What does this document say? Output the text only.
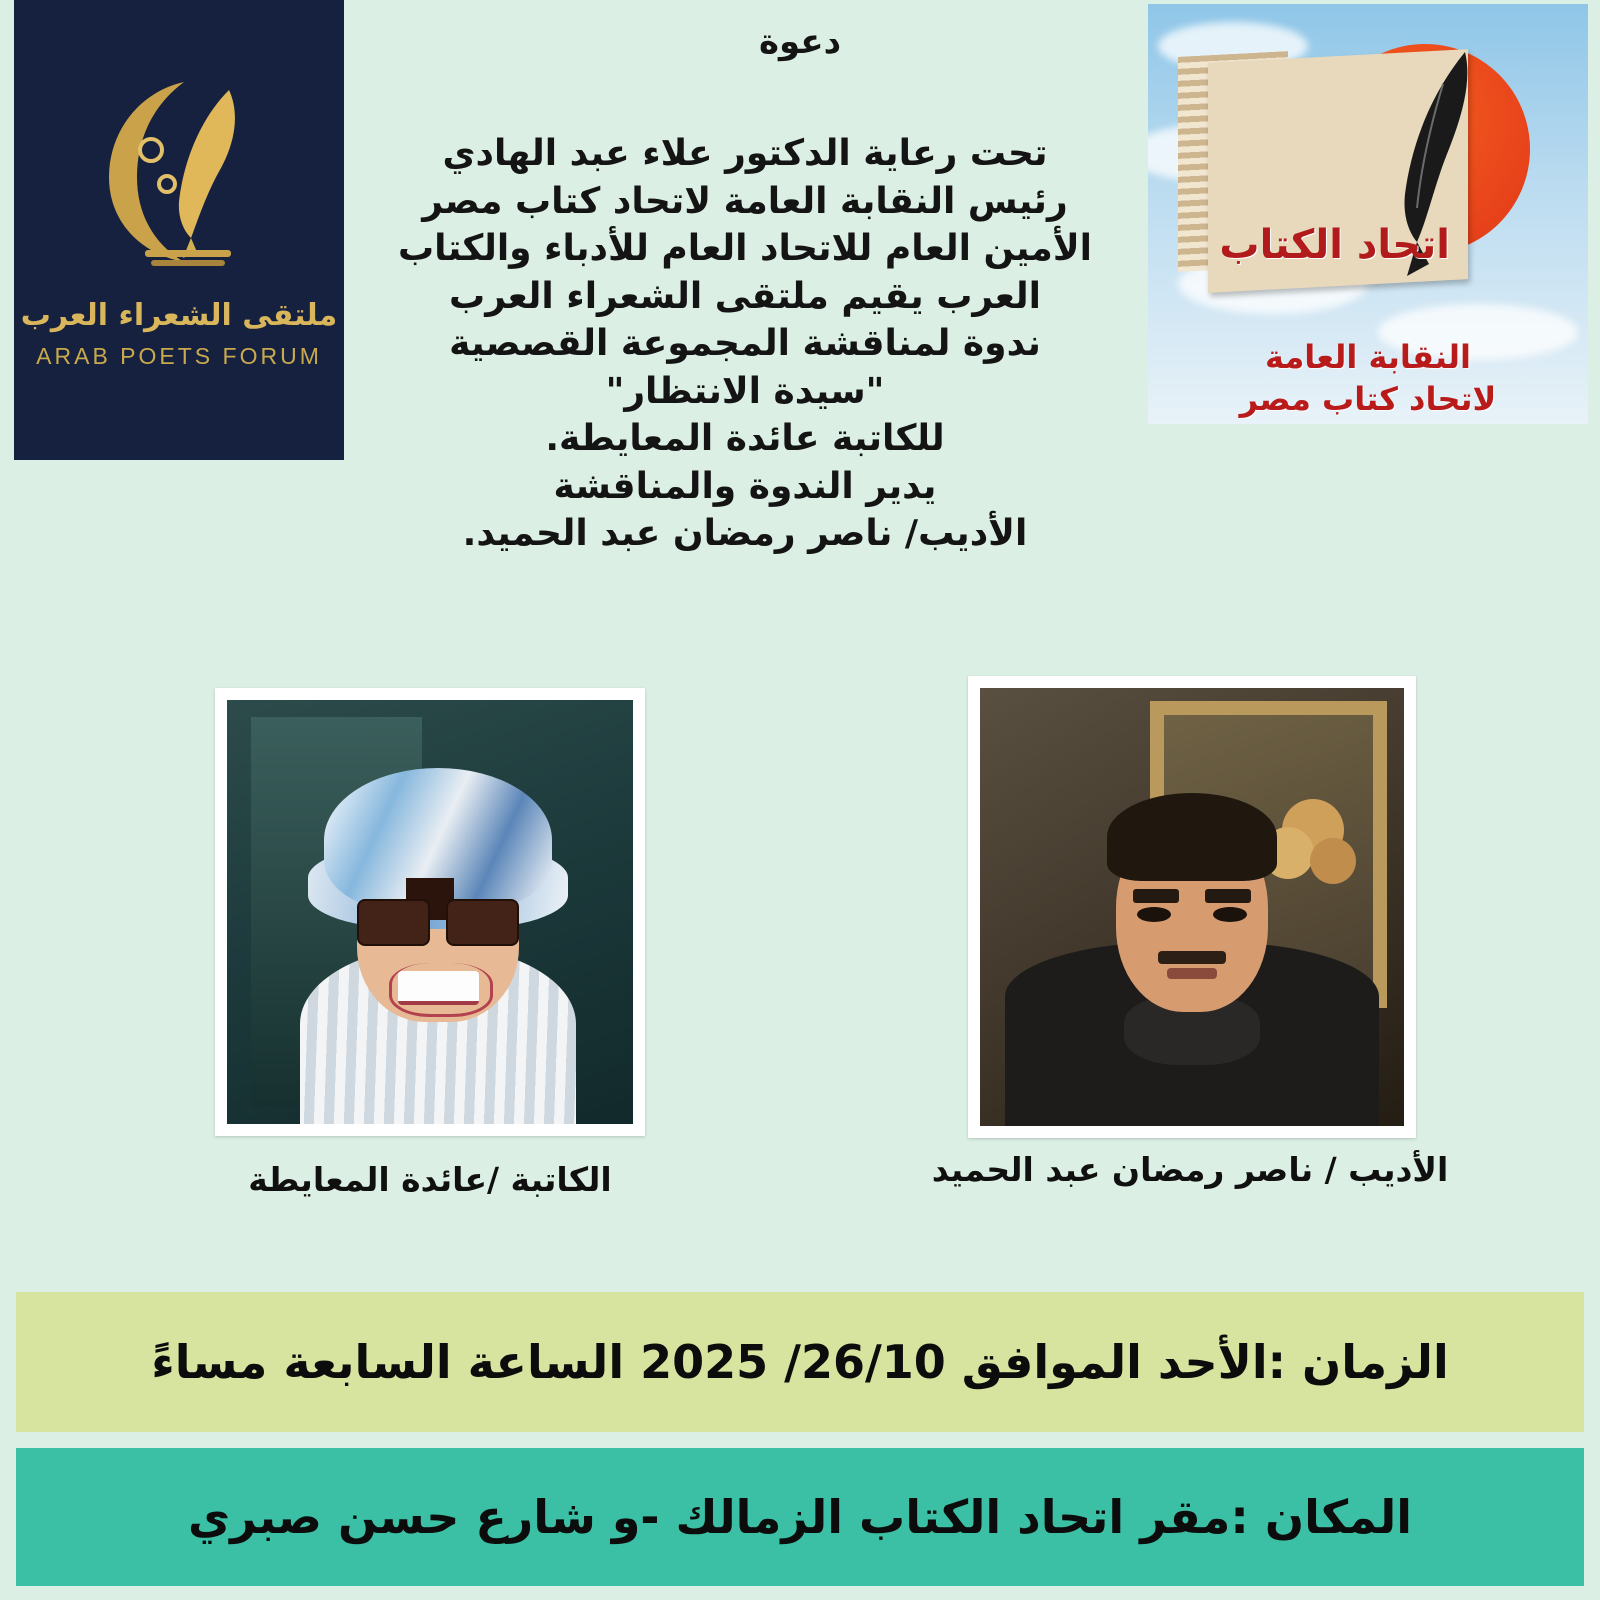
ملتقى الشعراء العرب
ARAB POETS FORUM
اتحاد الكتاب
النقابة العامة
لاتحاد كتاب مصر
دعوة
تحت رعاية الدكتور علاء عبد الهادي
رئيس النقابة العامة لاتحاد كتاب مصر
الأمين العام للاتحاد العام للأدباء والكتاب
العرب يقيم ملتقى الشعراء العرب
ندوة لمناقشة المجموعة القصصية
"سيدة الانتظار"
للكاتبة عائدة المعايطة.
يدير الندوة والمناقشة
الأديب/ ناصر رمضان عبد الحميد.
الكاتبة /عائدة المعايطة	الأديب / ناصر رمضان عبد الحميد
الزمان :الأحد الموافق 26/10/ 2025 الساعة السابعة مساءً
المكان :مقر اتحاد الكتاب الزمالك -و شارع حسن صبري
